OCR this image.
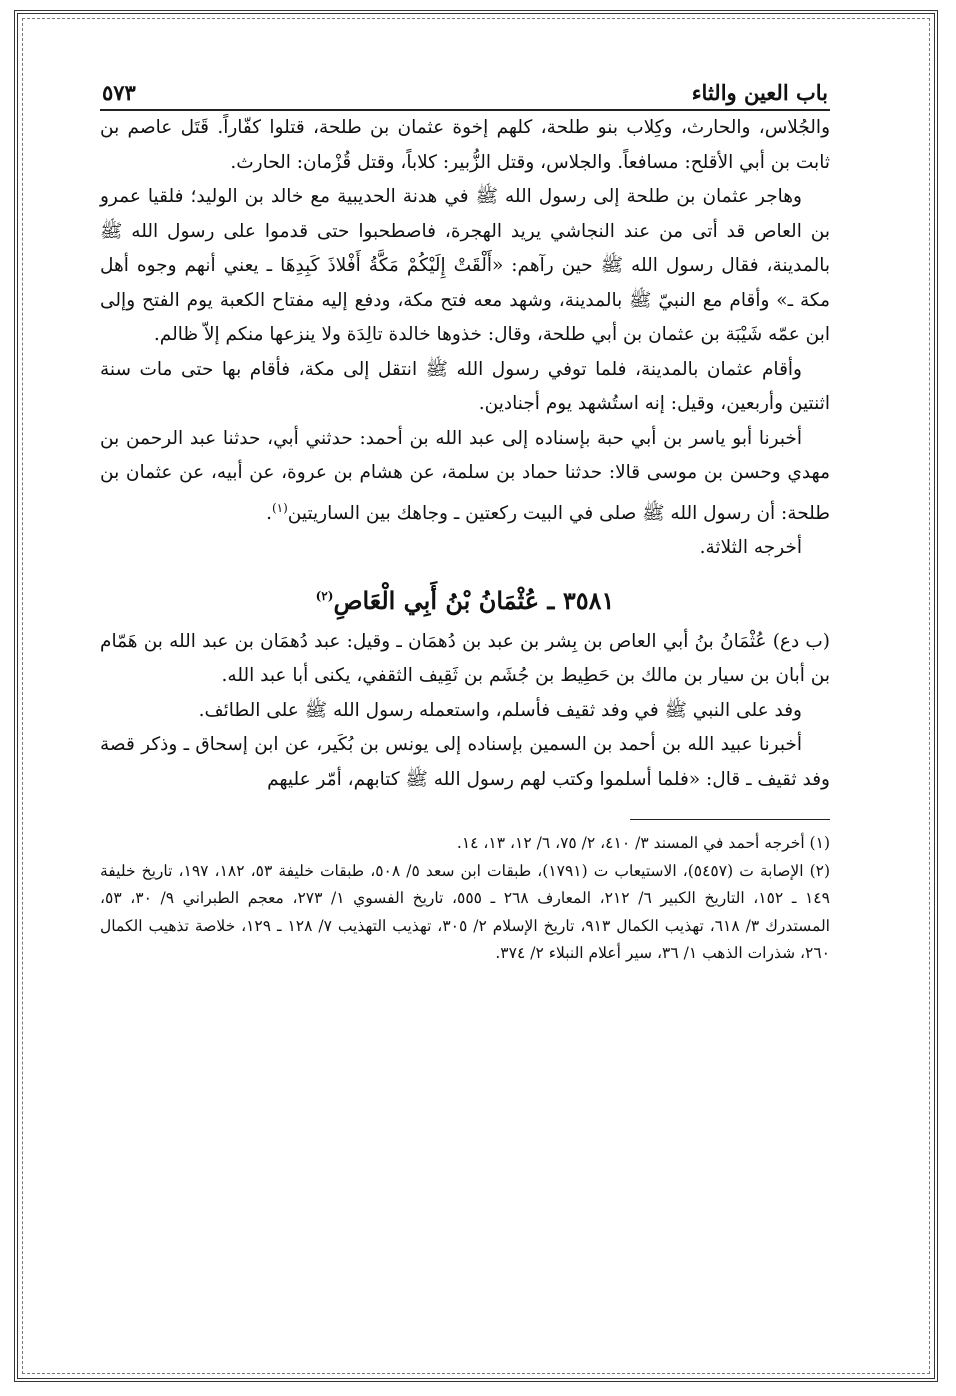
باب العين والثاء
٥٧٣

والجُلاس، والحارث، وكِلاب بنو طلحة، كلهم إخوة عثمان بن طلحة، قتلوا كفّاراً. قَتَل عاصم بن ثابت بن أبي الأقلح: مسافعاً. والجلاس، وقتل الزُّبير: كلاباً، وقتل قُزْمان: الحارث.

وهاجر عثمان بن طلحة إلى رسول الله ﷺ في هدنة الحديبية مع خالد بن الوليد؛ فلقيا عمرو بن العاص قد أتى من عند النجاشي يريد الهجرة، فاصطحبوا حتى قدموا على رسول الله ﷺ بالمدينة، فقال رسول الله ﷺ حين رآهم: «أَلْقَتْ إِلَيْكُمْ مَكَّةُ أَفْلاذَ كَبِدِهَا ـ يعني أنهم وجوه أهل مكة ـ» وأقام مع النبيّ ﷺ بالمدينة، وشهد معه فتح مكة، ودفع إليه مفتاح الكعبة يوم الفتح وإلى ابن عمّه شَيْبَة بن عثمان بن أبي طلحة، وقال: خذوها خالدة تالِدَة ولا ينزعها منكم إلاّ ظالم.

وأقام عثمان بالمدينة، فلما توفي رسول الله ﷺ انتقل إلى مكة، فأقام بها حتى مات سنة اثنتين وأربعين، وقيل: إنه استُشهد يوم أجنادين.

أخبرنا أبو ياسر بن أبي حبة بإسناده إلى عبد الله بن أحمد: حدثني أبي، حدثنا عبد الرحمن بن مهدي وحسن بن موسى قالا: حدثنا حماد بن سلمة، عن هشام بن عروة، عن أبيه، عن عثمان بن طلحة: أن رسول الله ﷺ صلى في البيت ركعتين ـ وجاهك بين الساريتين$^{(١)}$.

أخرجه الثلاثة.

٣٥٨١ ـ عُثْمَانُ بْنُ أَبِي الْعَاصِ$^{(٢)}$

(ب دع) عُثْمَانُ بنُ أبي العاص بن بِشر بن عبد بن دُهمَان ـ وقيل: عبد دُهمَان بن عبد الله بن هَمّام بن أبان بن سيار بن مالك بن حَطِيط بن جُشَم بن ثَقِيف الثقفي، يكنى أبا عبد الله.

وفد على النبي ﷺ في وفد ثقيف فأسلم، واستعمله رسول الله ﷺ على الطائف.

أخبرنا عبيد الله بن أحمد بن السمين بإسناده إلى يونس بن بُكَير، عن ابن إسحاق ـ وذكر قصة وفد ثقيف ـ قال: «فلما أسلموا وكتب لهم رسول الله ﷺ كتابهم، أمّر عليهم

(١) أخرجه أحمد في المسند ٣/ ٤١٠، ٢/ ٧٥، ٦/ ١٢، ١٣، ١٤.

(٢) الإصابة ت (٥٤٥٧)، الاستيعاب ت (١٧٩١)، طبقات ابن سعد ٥/ ٥٠٨، طبقات خليفة ٥٣، ١٨٢، ١٩٧، تاريخ خليفة ١٤٩ ـ ١٥٢، التاريخ الكبير ٦/ ٢١٢، المعارف ٢٦٨ ـ ٥٥٥، تاريخ الفسوي ١/ ٢٧٣، معجم الطبراني ٩/ ٣٠، ٥٣، المستدرك ٣/ ٦١٨، تهذيب الكمال ٩١٣، تاريخ الإسلام ٢/ ٣٠٥، تهذيب التهذيب ٧/ ١٢٨ ـ ١٢٩، خلاصة تذهيب الكمال ٢٦٠، شذرات الذهب ١/ ٣٦، سير أعلام النبلاء ٢/ ٣٧٤.
